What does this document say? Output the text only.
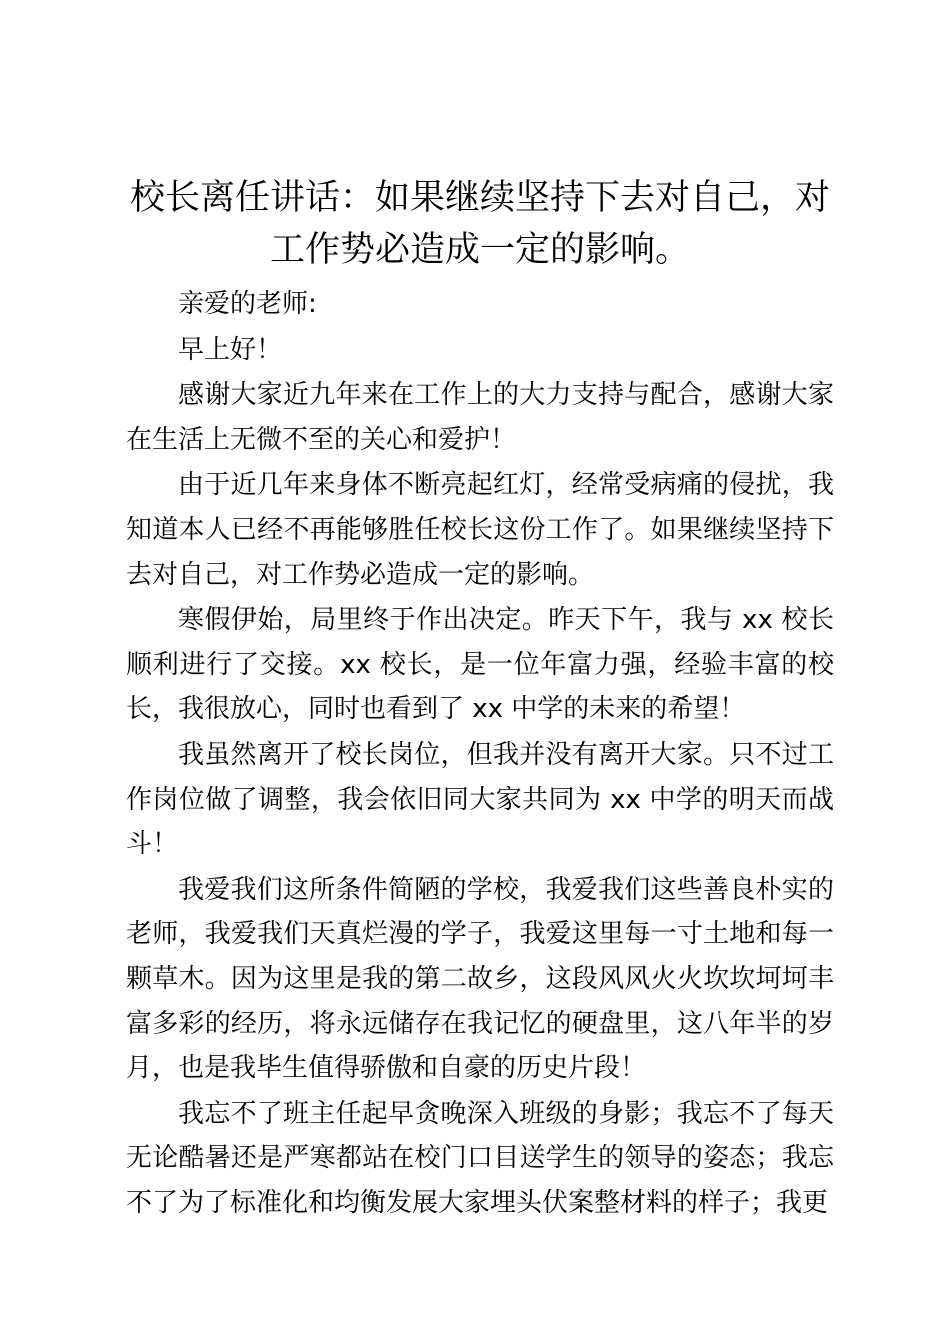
校长离任讲话：如果继续坚持下去对自己，对工作势必造成一定的影响。

亲爱的老师:

早上好！

感谢大家近九年来在工作上的大力支持与配合，感谢大家在生活上无微不至的关心和爱护！

由于近几年来身体不断亮起红灯，经常受病痛的侵扰，我知道本人已经不再能够胜任校长这份工作了。如果继续坚持下去对自己，对工作势必造成一定的影响。

寒假伊始，局里终于作出决定。昨天下午，我与 xx 校长顺利进行了交接。xx 校长，是一位年富力强，经验丰富的校长，我很放心，同时也看到了 xx 中学的未来的希望！

我虽然离开了校长岗位，但我并没有离开大家。只不过工作岗位做了调整，我会依旧同大家共同为 xx 中学的明天而战斗！

我爱我们这所条件简陋的学校，我爱我们这些善良朴实的老师，我爱我们天真烂漫的学子，我爱这里每一寸土地和每一颗草木。因为这里是我的第二故乡，这段风风火火坎坎坷坷丰富多彩的经历，将永远储存在我记忆的硬盘里，这八年半的岁月，也是我毕生值得骄傲和自豪的历史片段！

我忘不了班主任起早贪晚深入班级的身影；我忘不了每天无论酷暑还是严寒都站在校门口目送学生的领导的姿态；我忘不了为了标准化和均衡发展大家埋头伏案整材料的样子；我更
